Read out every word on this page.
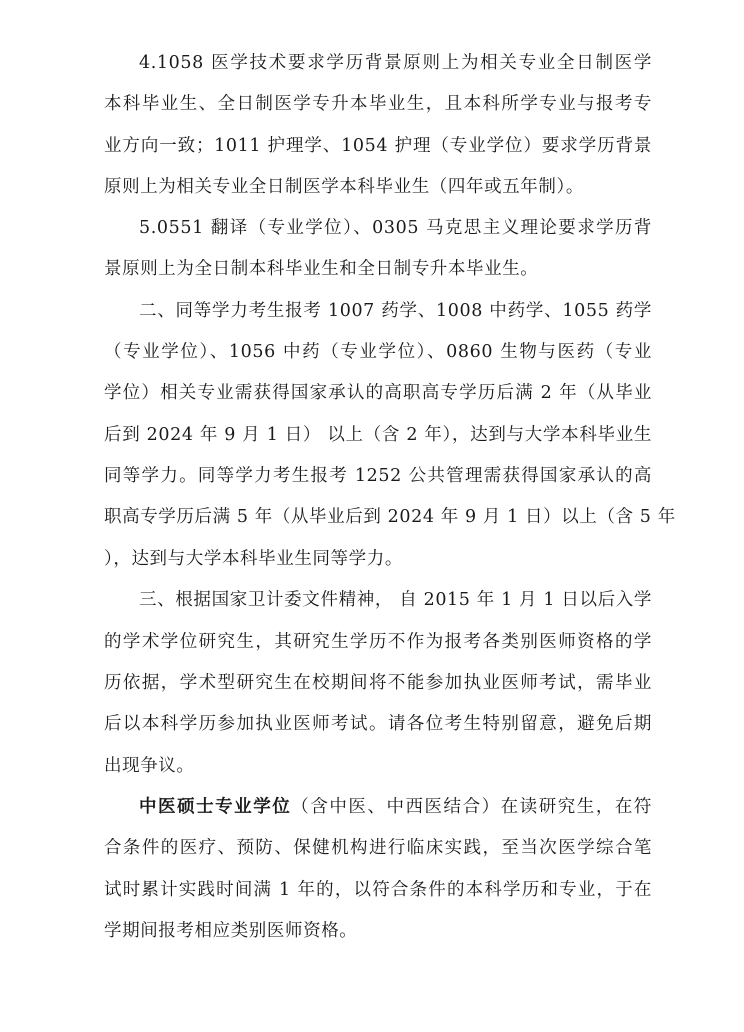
4.1058 医学技术要求学历背景原则上为相关专业全日制医学
本科毕业生、全日制医学专升本毕业生，且本科所学专业与报考专
业方向一致；1011 护理学、1054 护理（专业学位）要求学历背景
原则上为相关专业全日制医学本科毕业生（四年或五年制）。
5.0551 翻译（专业学位）、0305 马克思主义理论要求学历背
景原则上为全日制本科毕业生和全日制专升本毕业生。
二、同等学力考生报考 1007 药学、1008 中药学、1055 药学
（专业学位）、1056 中药（专业学位）、0860 生物与医药（专业
学位）相关专业需获得国家承认的高职高专学历后满 2 年（从毕业
后到 2024 年 9 月 1 日） 以上（含 2 年），达到与大学本科毕业生
同等学力。同等学力考生报考 1252 公共管理需获得国家承认的高
职高专学历后满 5 年（从毕业后到 2024 年 9 月 1 日）以上（含 5 年
），达到与大学本科毕业生同等学力。
三、根据国家卫计委文件精神， 自 2015 年 1 月 1 日以后入学
的学术学位研究生，其研究生学历不作为报考各类别医师资格的学
历依据，学术型研究生在校期间将不能参加执业医师考试，需毕业
后以本科学历参加执业医师考试。请各位考生特别留意，避免后期
出现争议。
中医硕士专业学位（含中医、中西医结合）在读研究生，在符
合条件的医疗、预防、保健机构进行临床实践，至当次医学综合笔
试时累计实践时间满 1 年的，以符合条件的本科学历和专业，于在
学期间报考相应类别医师资格。
